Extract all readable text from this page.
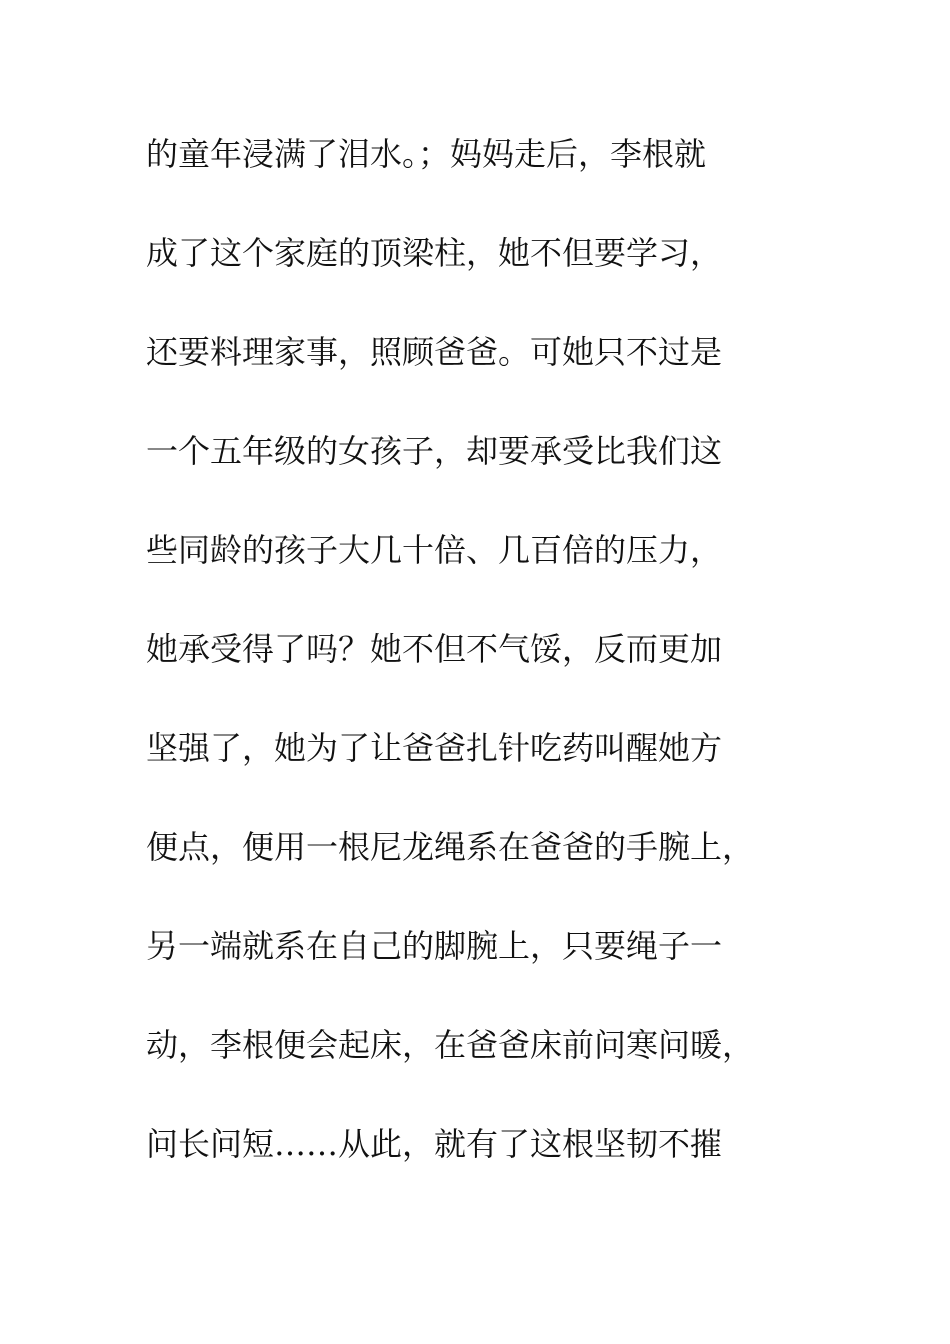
的童年浸满了泪水。；妈妈走后，李根就
成了这个家庭的顶梁柱，她不但要学习，
还要料理家事，照顾爸爸。可她只不过是
一个五年级的女孩子，却要承受比我们这
些同龄的孩子大几十倍、几百倍的压力，
她承受得了吗？她不但不气馁，反而更加
坚强了，她为了让爸爸扎针吃药叫醒她方
便点，便用一根尼龙绳系在爸爸的手腕上，
另一端就系在自己的脚腕上，只要绳子一
动，李根便会起床，在爸爸床前问寒问暖，
问长问短……从此，就有了这根坚韧不摧
